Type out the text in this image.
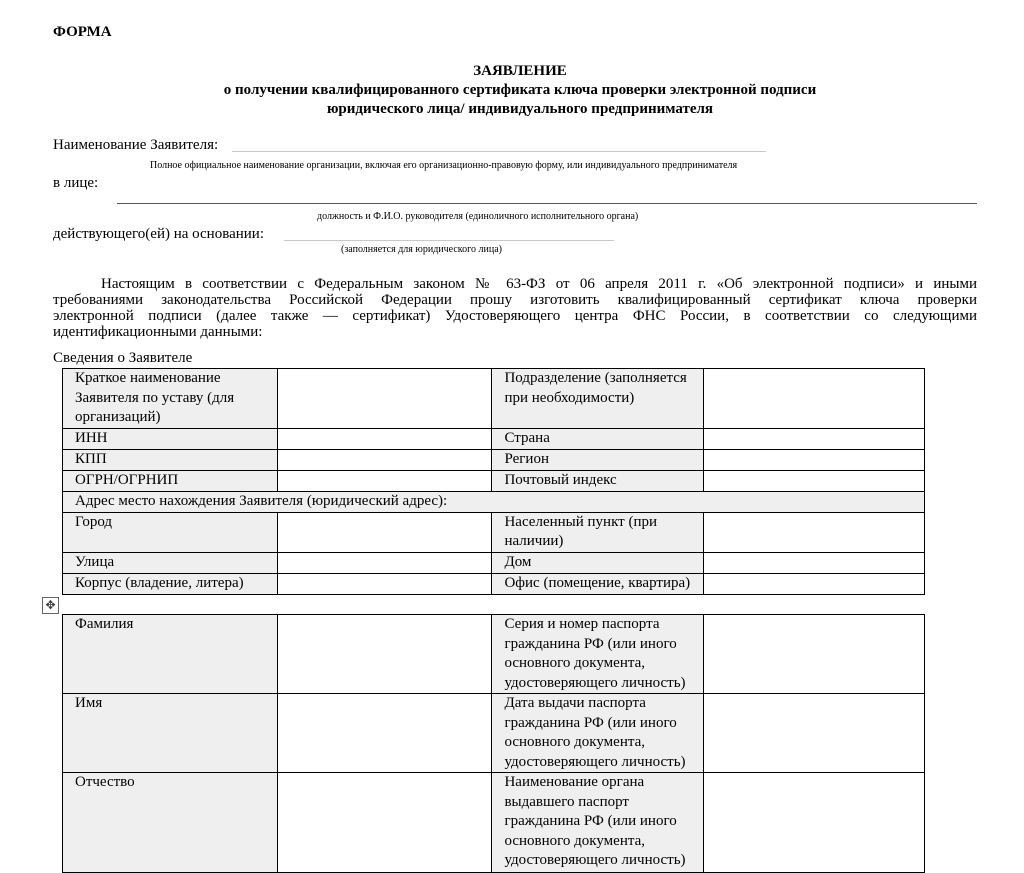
ФОРМА
ЗАЯВЛЕНИЕ
о получении квалифицированного сертификата ключа проверки электронной подписи
юридического лица/ индивидуального предпринимателя
Наименование Заявителя:
Полное официальное наименование организации, включая его организационно-правовую форму, или индивидуального предпринимателя
в лице:
должность и Ф.И.О. руководителя (единоличного исполнительного органа)
действующего(ей) на основании:
(заполняется для юридического лица)
Настоящим в соответствии с Федеральным законом № 63-ФЗ от 06 апреля 2011 г. «Об электронной подписи» и иными
требованиями законодательства Российской Федерации прошу изготовить квалифицированный сертификат ключа проверки
электронной подписи (далее также — сертификат) Удостоверяющего центра ФНС России, в соответствии со следующими
идентификационными данными:
Сведения о Заявителе
Краткое наименование Заявителя по уставу (для организаций)		Подразделение (заполняется при необходимости)	
ИНН		Страна	
КПП		Регион	
ОГРН/ОГРНИП		Почтовый индекс	
Адрес место нахождения Заявителя (юридический адрес):			
Город		Населенный пункт (при наличии)	
Улица		Дом	
Корпус (владение, литера)		Офис (помещение, квартира)	
✥
Фамилия		Серия и номер паспорта гражданина РФ (или иного основного документа, удостоверяющего личность)	
Имя		Дата выдачи паспорта гражданина РФ (или иного основного документа, удостоверяющего личность)	
Отчество		Наименование органа выдавшего паспорт гражданина РФ (или иного основного документа, удостоверяющего личность)	
